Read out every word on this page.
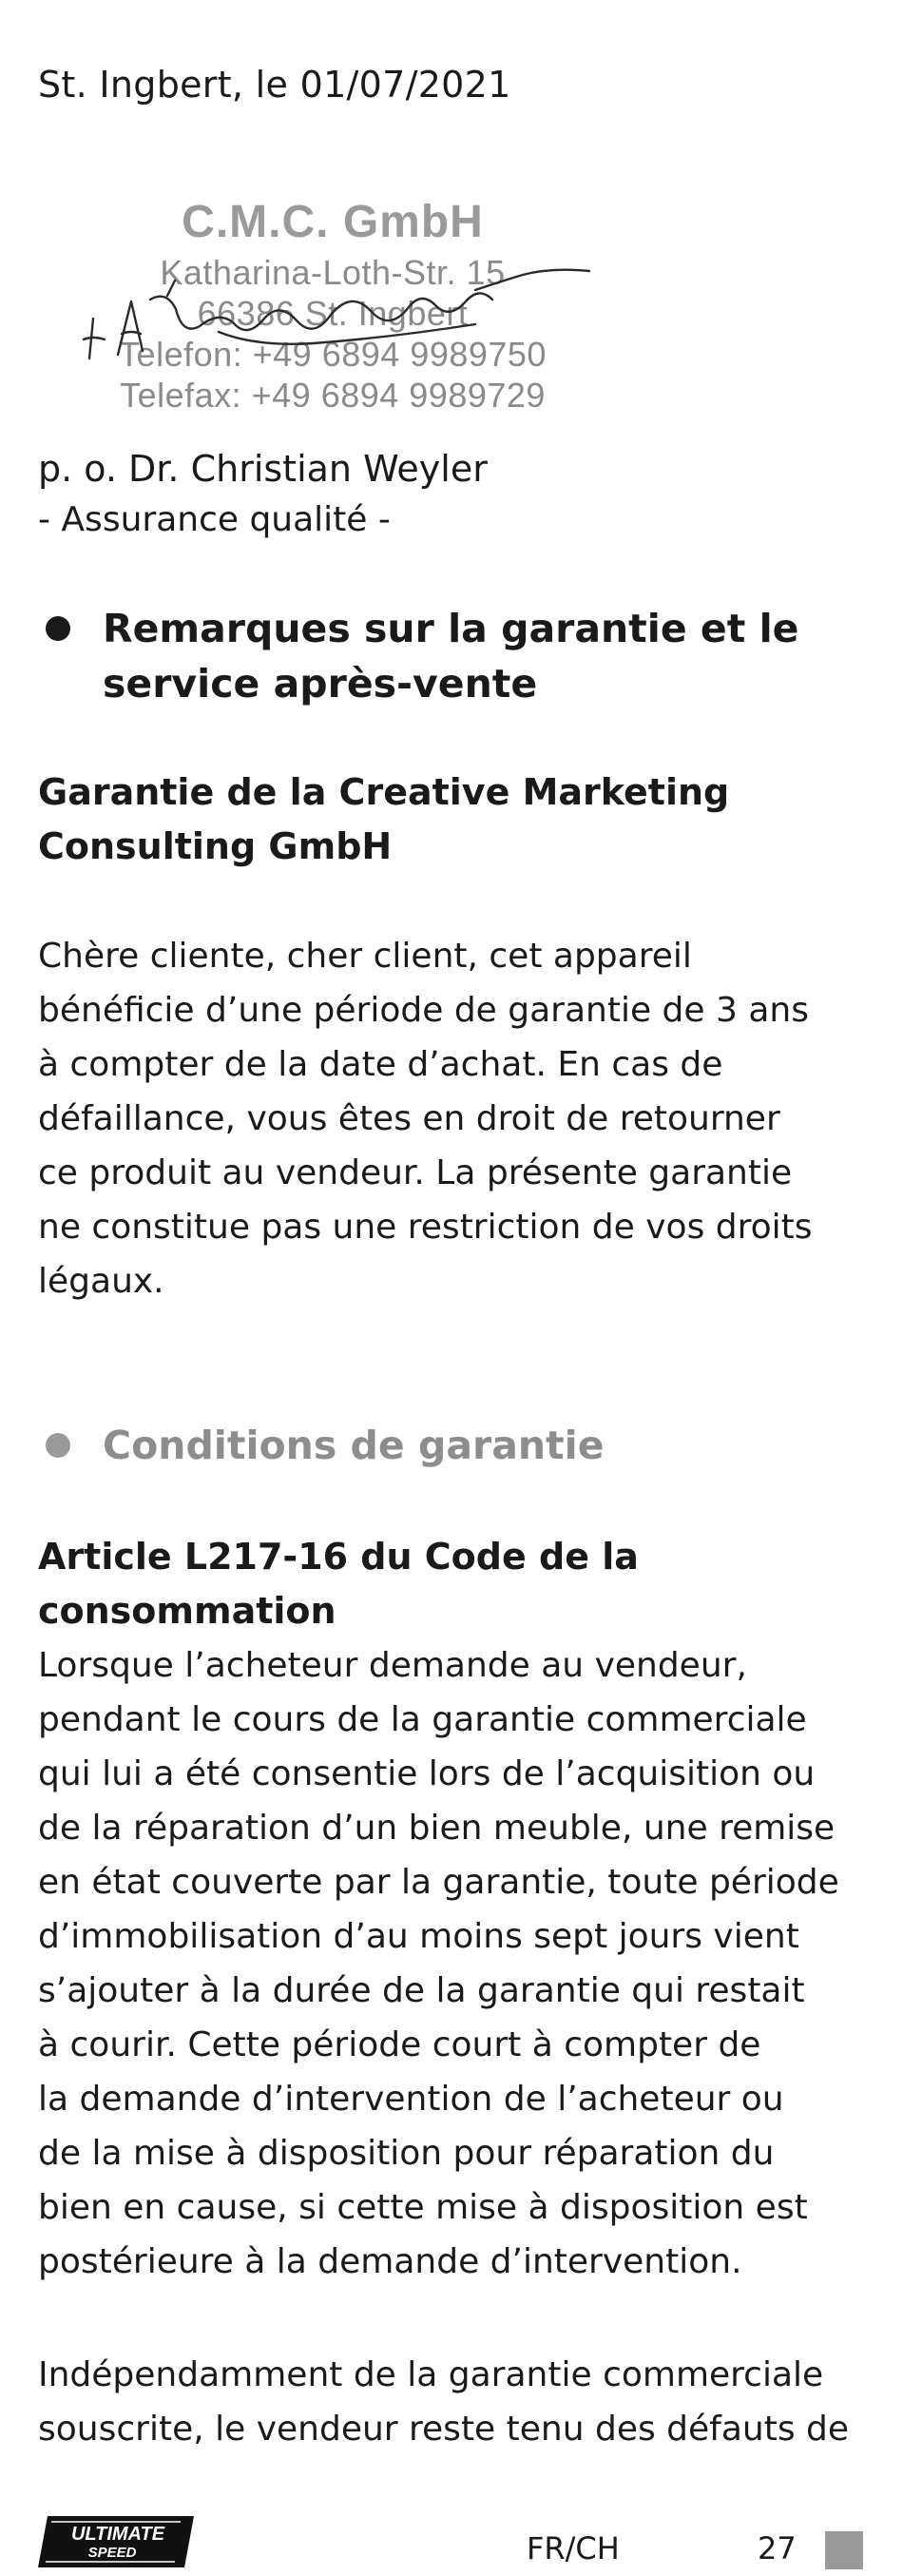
St. Ingbert, le 01/07/2021
C.M.C. GmbH
Katharina-Loth-Str. 15
66386 St. Ingbert
Telefon: +49 6894 9989750
Telefax: +49 6894 9989729
p. o. Dr. Christian Weyler
- Assurance qualité -
Remarques sur la garantie et le service après-vente
Garantie de la Creative Marketing Consulting GmbH
Chère cliente, cher client, cet appareil
bénéficie d’une période de garantie de 3 ans
à compter de la date d’achat. En cas de
défaillance, vous êtes en droit de retourner
ce produit au vendeur. La présente garantie
ne constitue pas une restriction de vos droits
légaux.
Conditions de garantie
Article L217-16 du Code de la consommation
Lorsque l’acheteur demande au vendeur,
pendant le cours de la garantie commerciale
qui lui a été consentie lors de l’acquisition ou
de la réparation d’un bien meuble, une remise
en état couverte par la garantie, toute période
d’immobilisation d’au moins sept jours vient
s’ajouter à la durée de la garantie qui restait
à courir. Cette période court à compter de
la demande d’intervention de l’acheteur ou
de la mise à disposition pour réparation du
bien en cause, si cette mise à disposition est
postérieure à la demande d’intervention.
Indépendamment de la garantie commerciale
souscrite, le vendeur reste tenu des défauts de
ULTIMATE
SPEED	FR/CH	27
